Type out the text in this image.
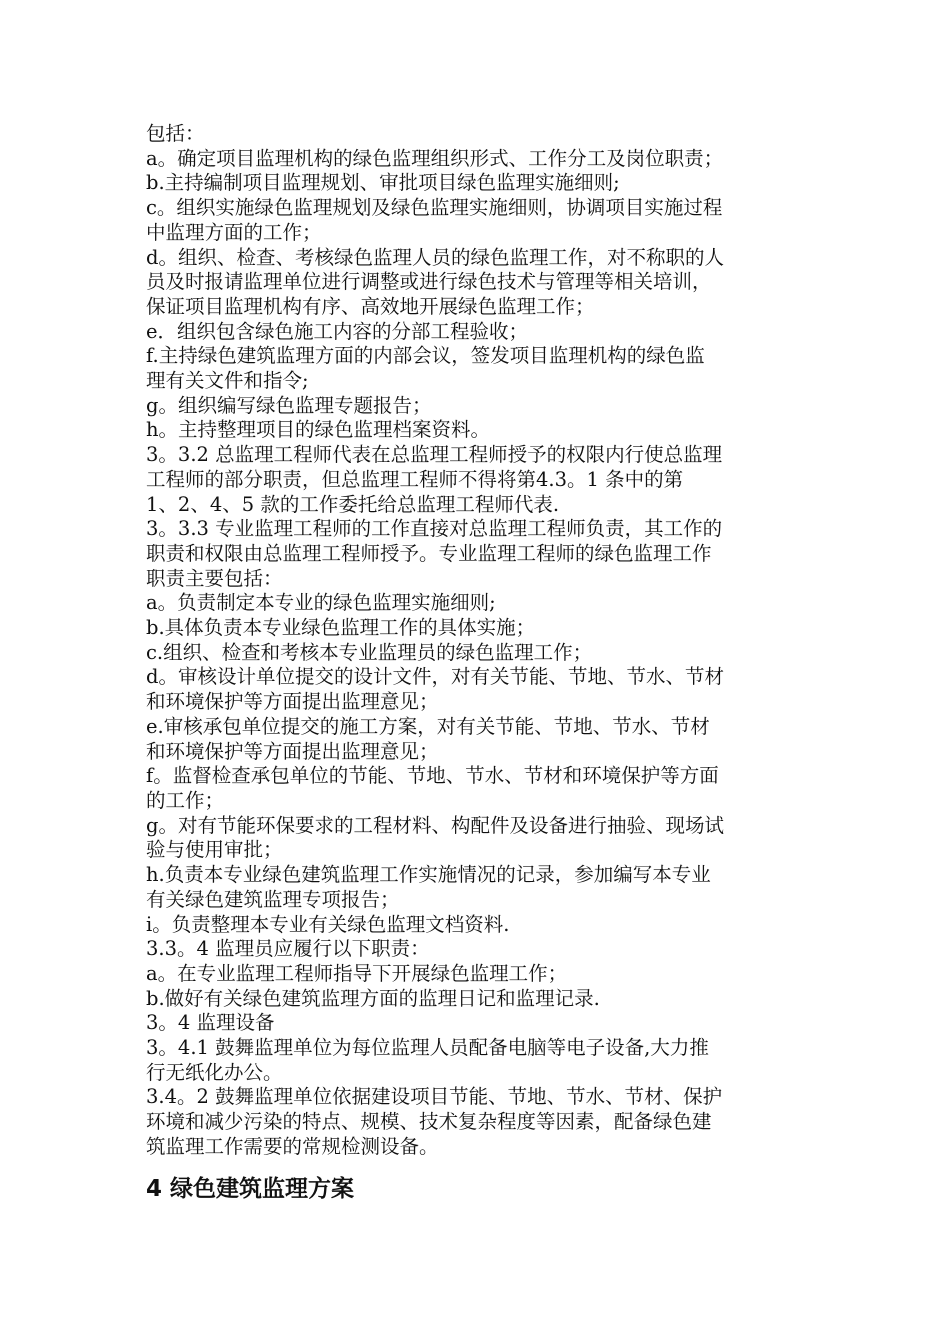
包括：
a。确定项目监理机构的绿色监理组织形式、工作分工及岗位职责；
b.主持编制项目监理规划、审批项目绿色监理实施细则;
c。组织实施绿色监理规划及绿色监理实施细则，协调项目实施过程
中监理方面的工作；
d。组织、检查、考核绿色监理人员的绿色监理工作，对不称职的人
员及时报请监理单位进行调整或进行绿色技术与管理等相关培训，
保证项目监理机构有序、高效地开展绿色监理工作；
e．组织包含绿色施工内容的分部工程验收；
f.主持绿色建筑监理方面的内部会议，签发项目监理机构的绿色监
理有关文件和指令;
g。组织编写绿色监理专题报告；
h。主持整理项目的绿色监理档案资料。
3。3.2 总监理工程师代表在总监理工程师授予的权限内行使总监理
工程师的部分职责，但总监理工程师不得将第4.3。1 条中的第
1、2、4、5 款的工作委托给总监理工程师代表.
3。3.3 专业监理工程师的工作直接对总监理工程师负责，其工作的
职责和权限由总监理工程师授予。专业监理工程师的绿色监理工作
职责主要包括：
a。负责制定本专业的绿色监理实施细则;
b.具体负责本专业绿色监理工作的具体实施；
c.组织、检查和考核本专业监理员的绿色监理工作；
d。审核设计单位提交的设计文件，对有关节能、节地、节水、节材
和环境保护等方面提出监理意见；
e.审核承包单位提交的施工方案，对有关节能、节地、节水、节材
和环境保护等方面提出监理意见；
f。监督检查承包单位的节能、节地、节水、节材和环境保护等方面
的工作；
g。对有节能环保要求的工程材料、构配件及设备进行抽验、现场试
验与使用审批；
h.负责本专业绿色建筑监理工作实施情况的记录，参加编写本专业
有关绿色建筑监理专项报告；
i。负责整理本专业有关绿色监理文档资料.
3.3。4 监理员应履行以下职责：
a。在专业监理工程师指导下开展绿色监理工作；
b.做好有关绿色建筑监理方面的监理日记和监理记录.
3。4 监理设备
3。4.1 鼓舞监理单位为每位监理人员配备电脑等电子设备,大力推
行无纸化办公。
3.4。2 鼓舞监理单位依据建设项目节能、节地、节水、节材、保护
环境和减少污染的特点、规模、技术复杂程度等因素，配备绿色建
筑监理工作需要的常规检测设备。
4 绿色建筑监理方案
